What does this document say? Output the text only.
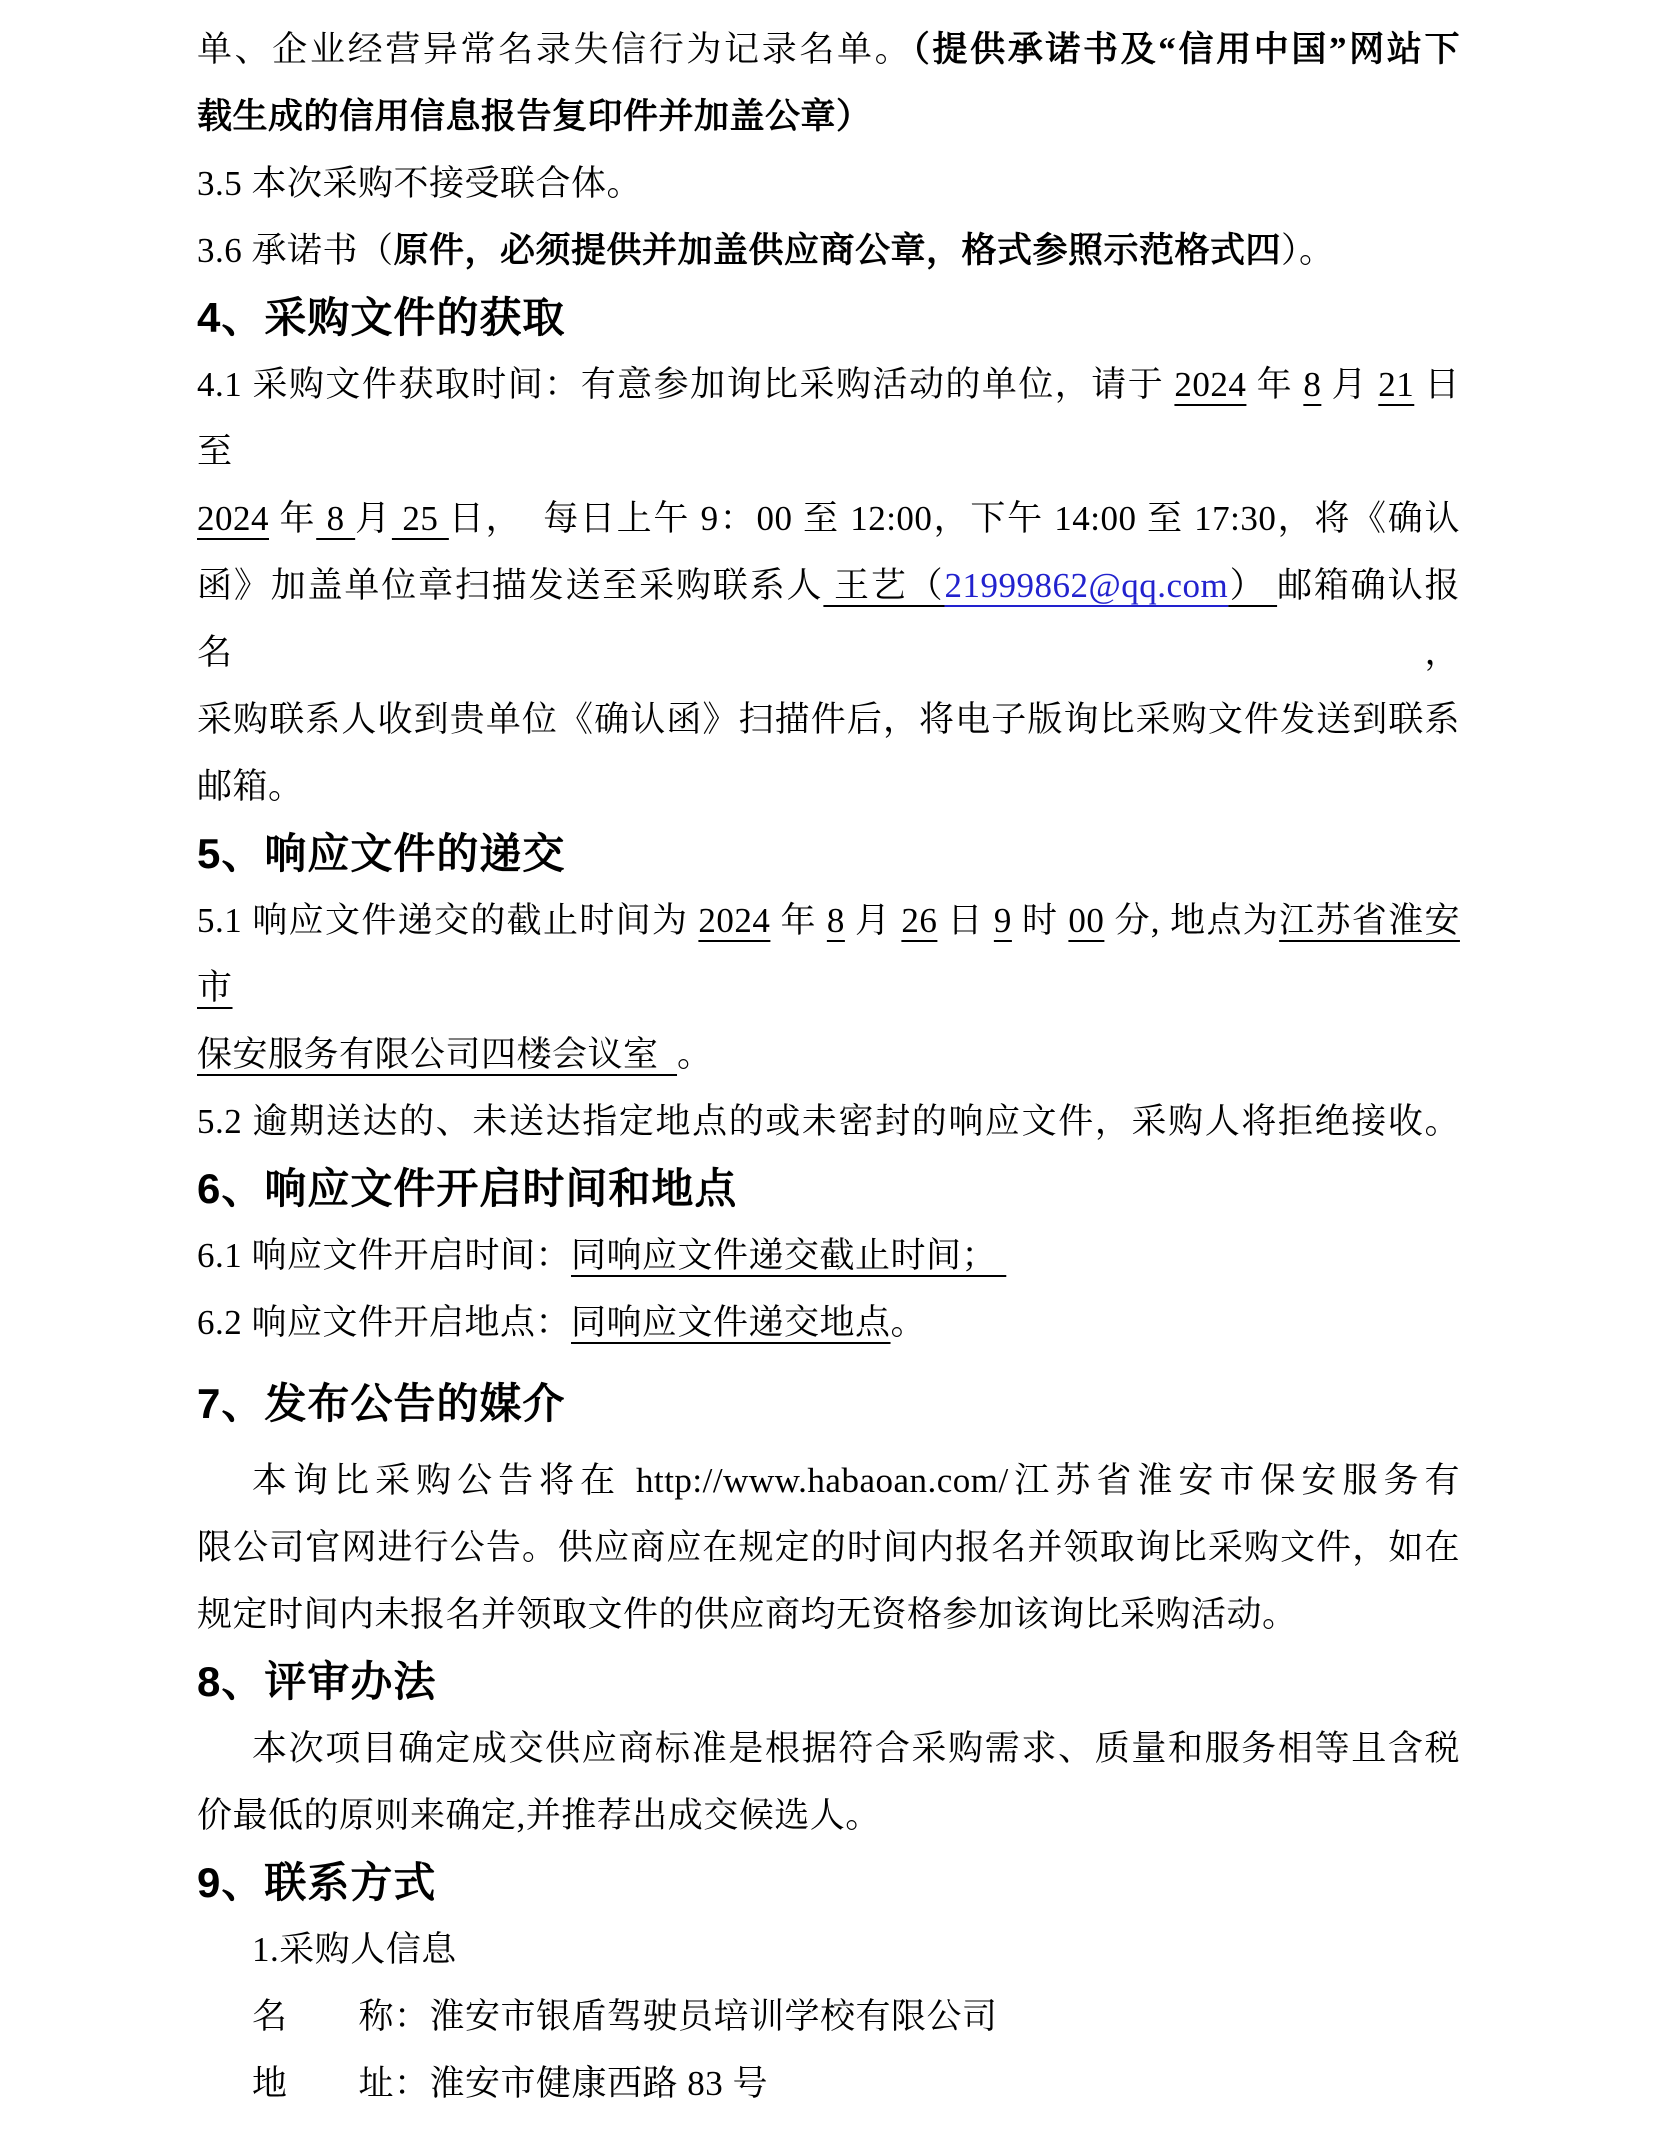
单、企业经营异常名录失信行为记录名单。（提供承诺书及“信用中国”网站下
载生成的信用信息报告复印件并加盖公章）
3.5 本次采购不接受联合体。
3.6 承诺书（原件，必须提供并加盖供应商公章，格式参照示范格式四）。
4、采购文件的获取
4.1 采购文件获取时间：有意参加询比采购活动的单位，请于 2024 年 8 月 21 日至
2024 年 8 月 25 日，  每日上午 9：00 至 12:00，下午 14:00 至 17:30，将《确认
函》加盖单位章扫描发送至采购联系人 王艺（21999862@qq.com） 邮箱确认报名，
采购联系人收到贵单位《确认函》扫描件后，将电子版询比采购文件发送到联系
邮箱。
5、响应文件的递交
5.1 响应文件递交的截止时间为 2024 年 8 月 26 日 9 时 00 分, 地点为江苏省淮安市
保安服务有限公司四楼会议室  。
5.2 逾期送达的、未送达指定地点的或未密封的响应文件，采购人将拒绝接收。
6、响应文件开启时间和地点
6.1 响应文件开启时间：同响应文件递交截止时间；
6.2 响应文件开启地点：同响应文件递交地点。
7、发布公告的媒介
本询比采购公告将在 http://www.habaoan.com/江苏省淮安市保安服务有
限公司官网进行公告。供应商应在规定的时间内报名并领取询比采购文件，如在
规定时间内未报名并领取文件的供应商均无资格参加该询比采购活动。
8、评审办法
本次项目确定成交供应商标准是根据符合采购需求、质量和服务相等且含税
价最低的原则来确定,并推荐出成交候选人。
9、联系方式
1.采购人信息
名　　称：淮安市银盾驾驶员培训学校有限公司
地　　址：淮安市健康西路 83 号
